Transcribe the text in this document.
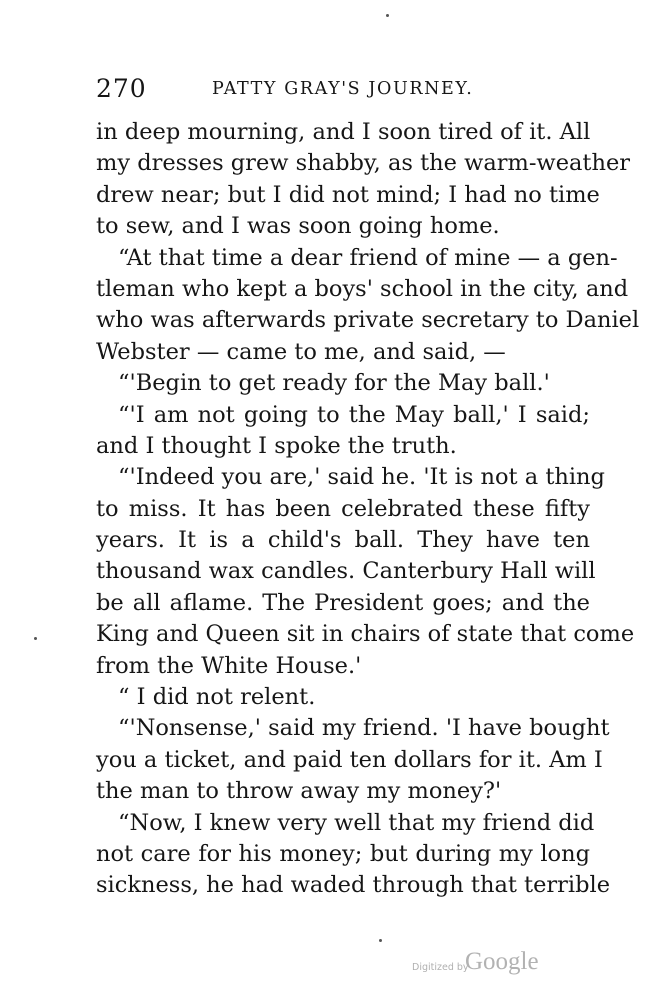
270	PATTY GRAY'S JOURNEY.
in deep mourning, and I soon tired of it. All
my dresses grew shabby, as the warm-weather
drew near; but I did not mind; I had no time
to sew, and I was soon going home.
“At that time a dear friend of mine — a gen-
tleman who kept a boys' school in the city, and
who was afterwards private secretary to Daniel
Webster — came to me, and said, —
“'Begin to get ready for the May ball.'
“'I am not going to the May ball,' I said;
and I thought I spoke the truth.
“'Indeed you are,' said he. 'It is not a thing
to miss. It has been celebrated these fifty
years. It is a child's ball. They have ten
thousand wax candles. Canterbury Hall will
be all aflame. The President goes; and the
King and Queen sit in chairs of state that come
from the White House.'
“ I did not relent.
“'Nonsense,' said my friend. 'I have bought
you a ticket, and paid ten dollars for it. Am I
the man to throw away my money?'
“Now, I knew very well that my friend did
not care for his money; but during my long
sickness, he had waded through that terrible
Digitized by
Google
